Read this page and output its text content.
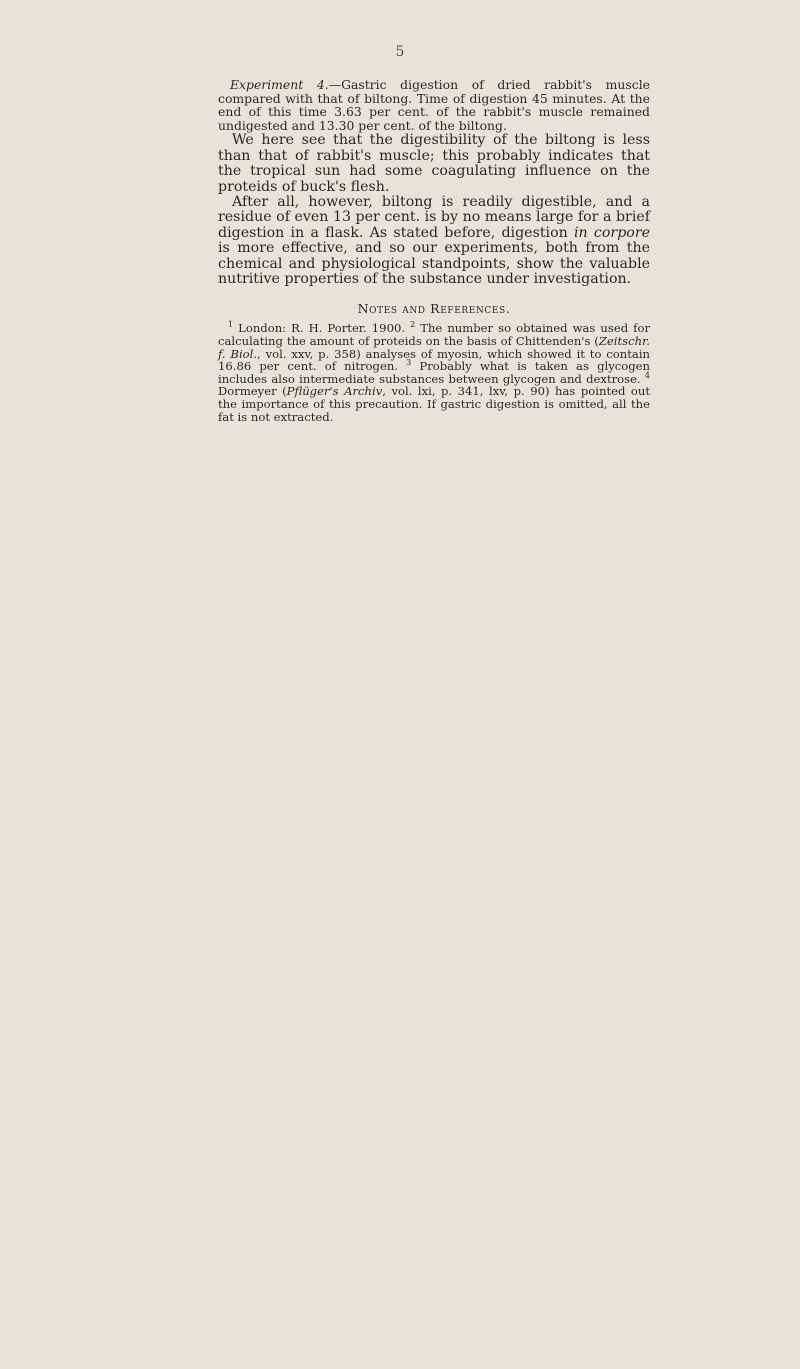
5

Experiment 4.—Gastric digestion of dried rabbit's muscle compared with that of biltong. Time of digestion 45 minutes. At the end of this time 3.63 per cent. of the rabbit's muscle remained undigested and 13.30 per cent. of the biltong.

We here see that the digestibility of the biltong is less than that of rabbit's muscle; this probably indicates that the tropical sun had some coagulating influence on the proteids of buck's flesh.

After all, however, biltong is readily digestible, and a residue of even 13 per cent. is by no means large for a brief digestion in a flask. As stated before, digestion in corpore is more effective, and so our experiments, both from the chemical and physiological standpoints, show the valuable nutritive properties of the substance under investigation.

Notes and References.

$^1$ London: R. H. Porter. 1900. $^2$ The number so obtained was used for calculating the amount of proteids on the basis of Chittenden's (Zeitschr. f. Biol., vol. xxv, p. 358) analyses of myosin, which showed it to contain 16.86 per cent. of nitrogen. $^3$ Probably what is taken as glycogen includes also intermediate substances between glycogen and dextrose. $^4$ Dormeyer (Pflüger's Archiv, vol. lxi, p. 341, lxv, p. 90) has pointed out the importance of this precaution. If gastric digestion is omitted, all the fat is not extracted.
